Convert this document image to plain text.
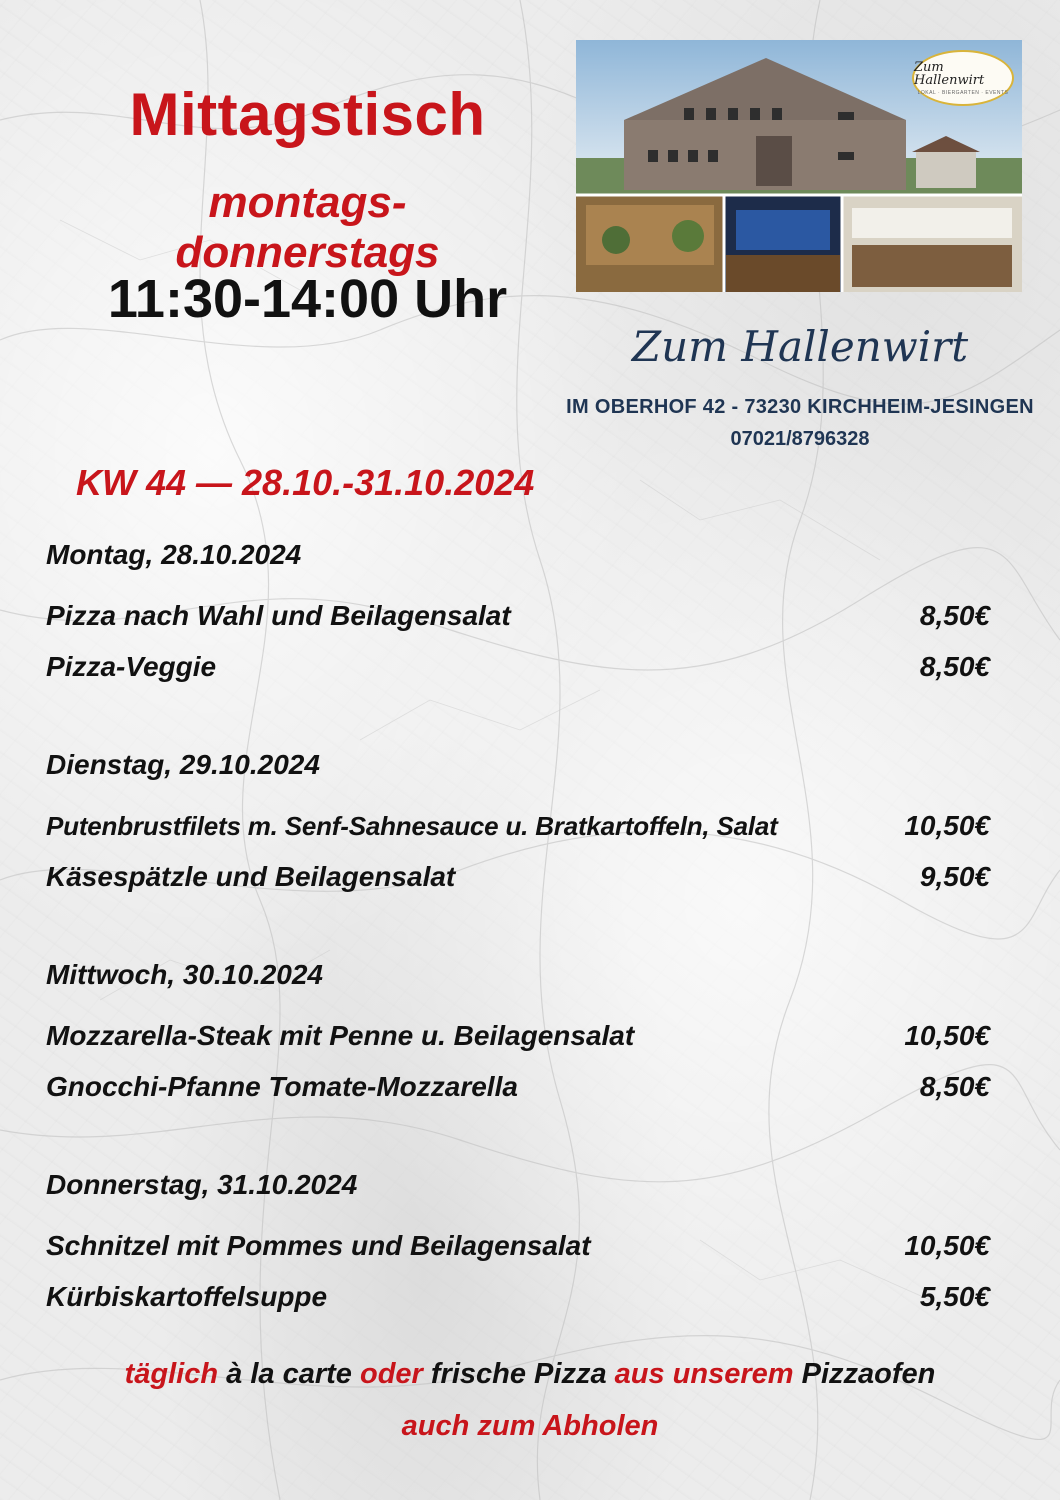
Mittagstisch
montags-donnerstags
11:30-14:00 Uhr
Zum Hallenwirt
LOKAL · BIERGARTEN · EVENTS
Zum Hallenwirt
IM OBERHOF 42 - 73230 KIRCHHEIM-JESINGEN
07021/8796328
KW 44 — 28.10.-31.10.2024
Montag, 28.10.2024
Pizza nach Wahl und Beilagensalat	8,50€
Pizza-Veggie	8,50€
Dienstag, 29.10.2024
Putenbrustfilets m. Senf-Sahnesauce u. Bratkartoffeln, Salat	10,50€
Käsespätzle und Beilagensalat	9,50€
Mittwoch, 30.10.2024
Mozzarella-Steak mit Penne u. Beilagensalat	10,50€
Gnocchi-Pfanne Tomate-Mozzarella	8,50€
Donnerstag, 31.10.2024
Schnitzel mit Pommes und Beilagensalat	10,50€
Kürbiskartoffelsuppe	5,50€
täglich à la carte oder frische Pizza aus unserem Pizzaofen
auch zum Abholen
